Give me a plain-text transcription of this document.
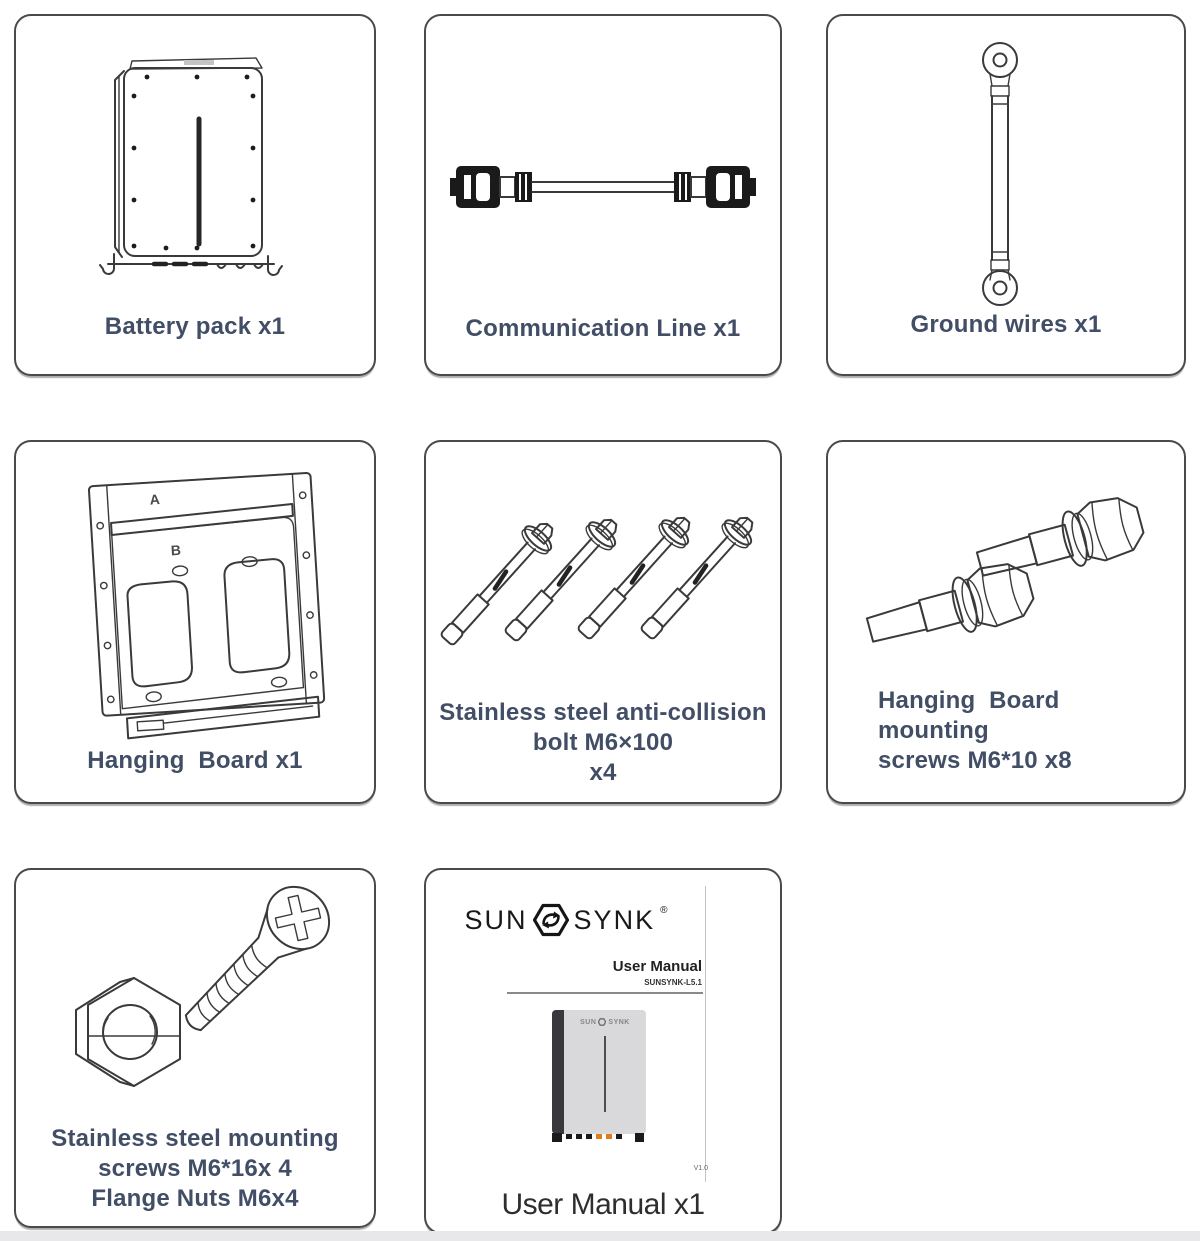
Battery pack x1	Communication Line x1	Ground wires x1
A
B
Hanging  Board x1
Stainless steel anti-collision
bolt M6×100
x4
Hanging  Board mounting
screws M6*10 x8
Stainless steel mounting
screws M6*16x 4
Flange Nuts M6x4
SUN SYNK ®
User Manual
SUNSYNK-L5.1
SUN SYNK
V1.0
User Manual x1
